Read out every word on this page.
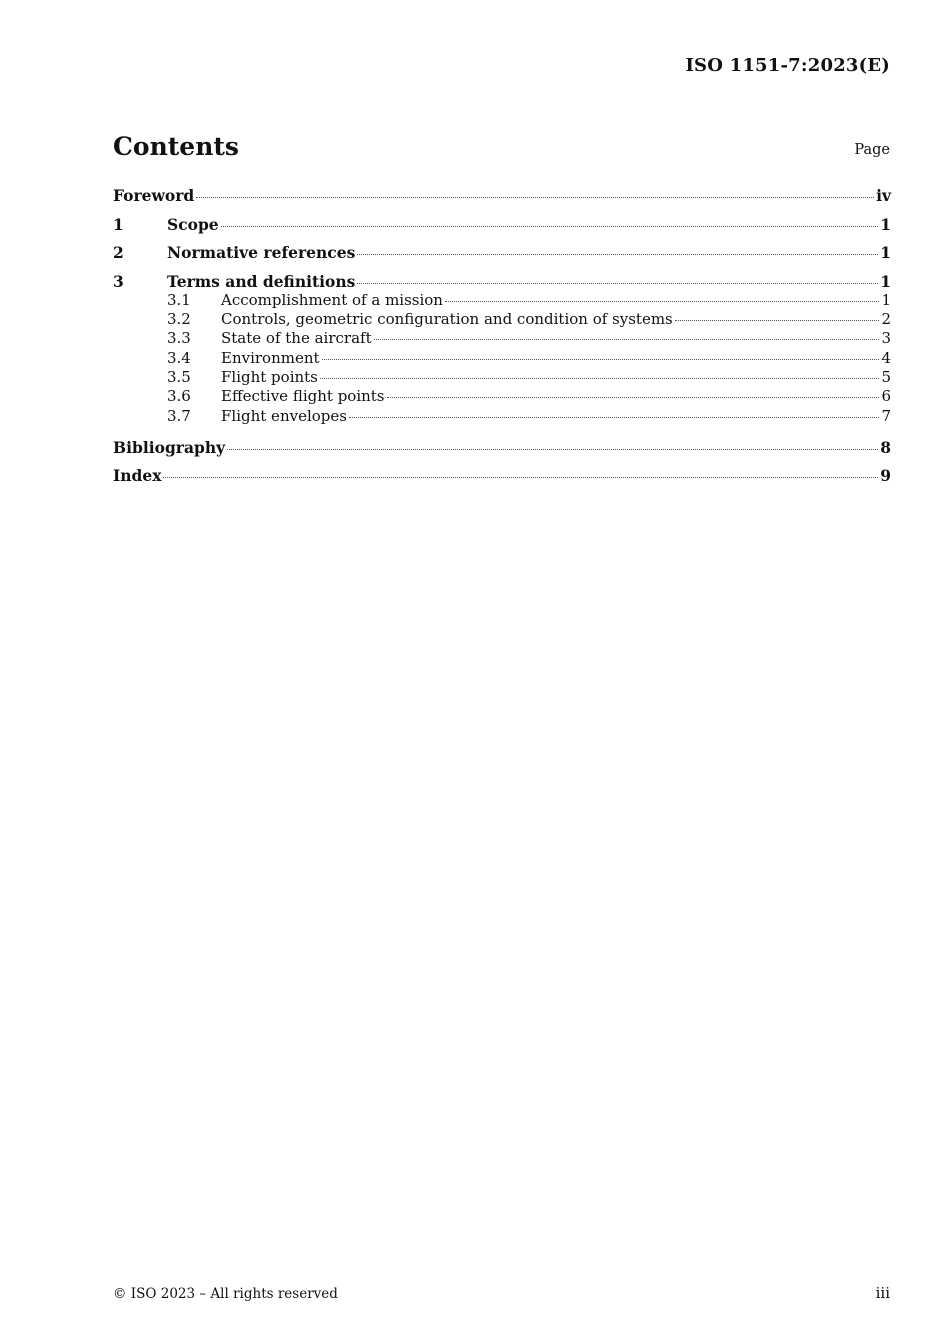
ISO 1151-7:2023(E)
Contents	Page
Foreword	iv
1	Scope	1
2	Normative references	1
3	Terms and definitions	1
3.1	Accomplishment of a mission	1
3.2	Controls, geometric configuration and condition of systems	2
3.3	State of the aircraft	3
3.4	Environment	4
3.5	Flight points	5
3.6	Effective flight points	6
3.7	Flight envelopes	7
Bibliography	8
Index	9
© ISO 2023 – All rights reserved	iii
